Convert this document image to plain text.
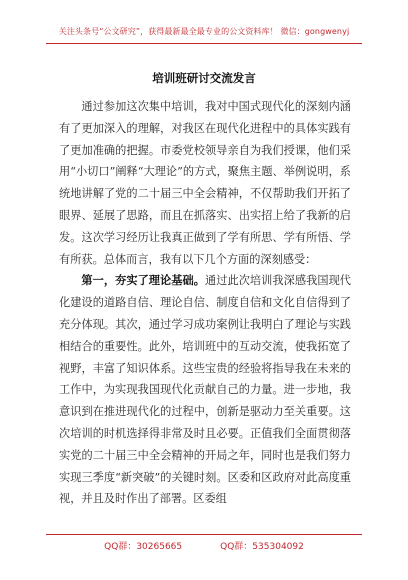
关注头条号“公文研究”，获得最新最全最专业的公文资料库！ 微信：gongwenyj
培训班研讨交流发言

通过参加这次集中培训，我对中国式现代化的深刻内涵有了更加深入的理解，对我区在现代化进程中的具体实践有了更加准确的把握。市委党校领导亲自为我们授课，他们采用“小切口”阐释“大理论”的方式，聚焦主题、举例说明，系统地讲解了党的二十届三中全会精神，不仅帮助我们开拓了眼界、延展了思路，而且在抓落实、出实招上给了我新的启发。这次学习经历让我真正做到了学有所思、学有所悟、学有所获。总体而言，我有以下几个方面的深刻感受：

第一，夯实了理论基础。通过此次培训我深感我国现代化建设的道路自信、理论自信、制度自信和文化自信得到了充分体现。其次，通过学习成功案例让我明白了理论与实践相结合的重要性。此外，培训班中的互动交流，使我拓宽了视野，丰富了知识体系。这些宝贵的经验将指导我在未来的工作中，为实现我国现代化贡献自己的力量。进一步地，我意识到在推进现代化的过程中，创新是驱动力至关重要。这次培训的时机选择得非常及时且必要。正值我们全面贯彻落实党的二十届三中全会精神的开局之年，同时也是我们努力实现三季度“新突破”的关键时刻。区委和区政府对此高度重视，并且及时作出了部署。区委组

QQ群：30265665	QQ群：535304092
